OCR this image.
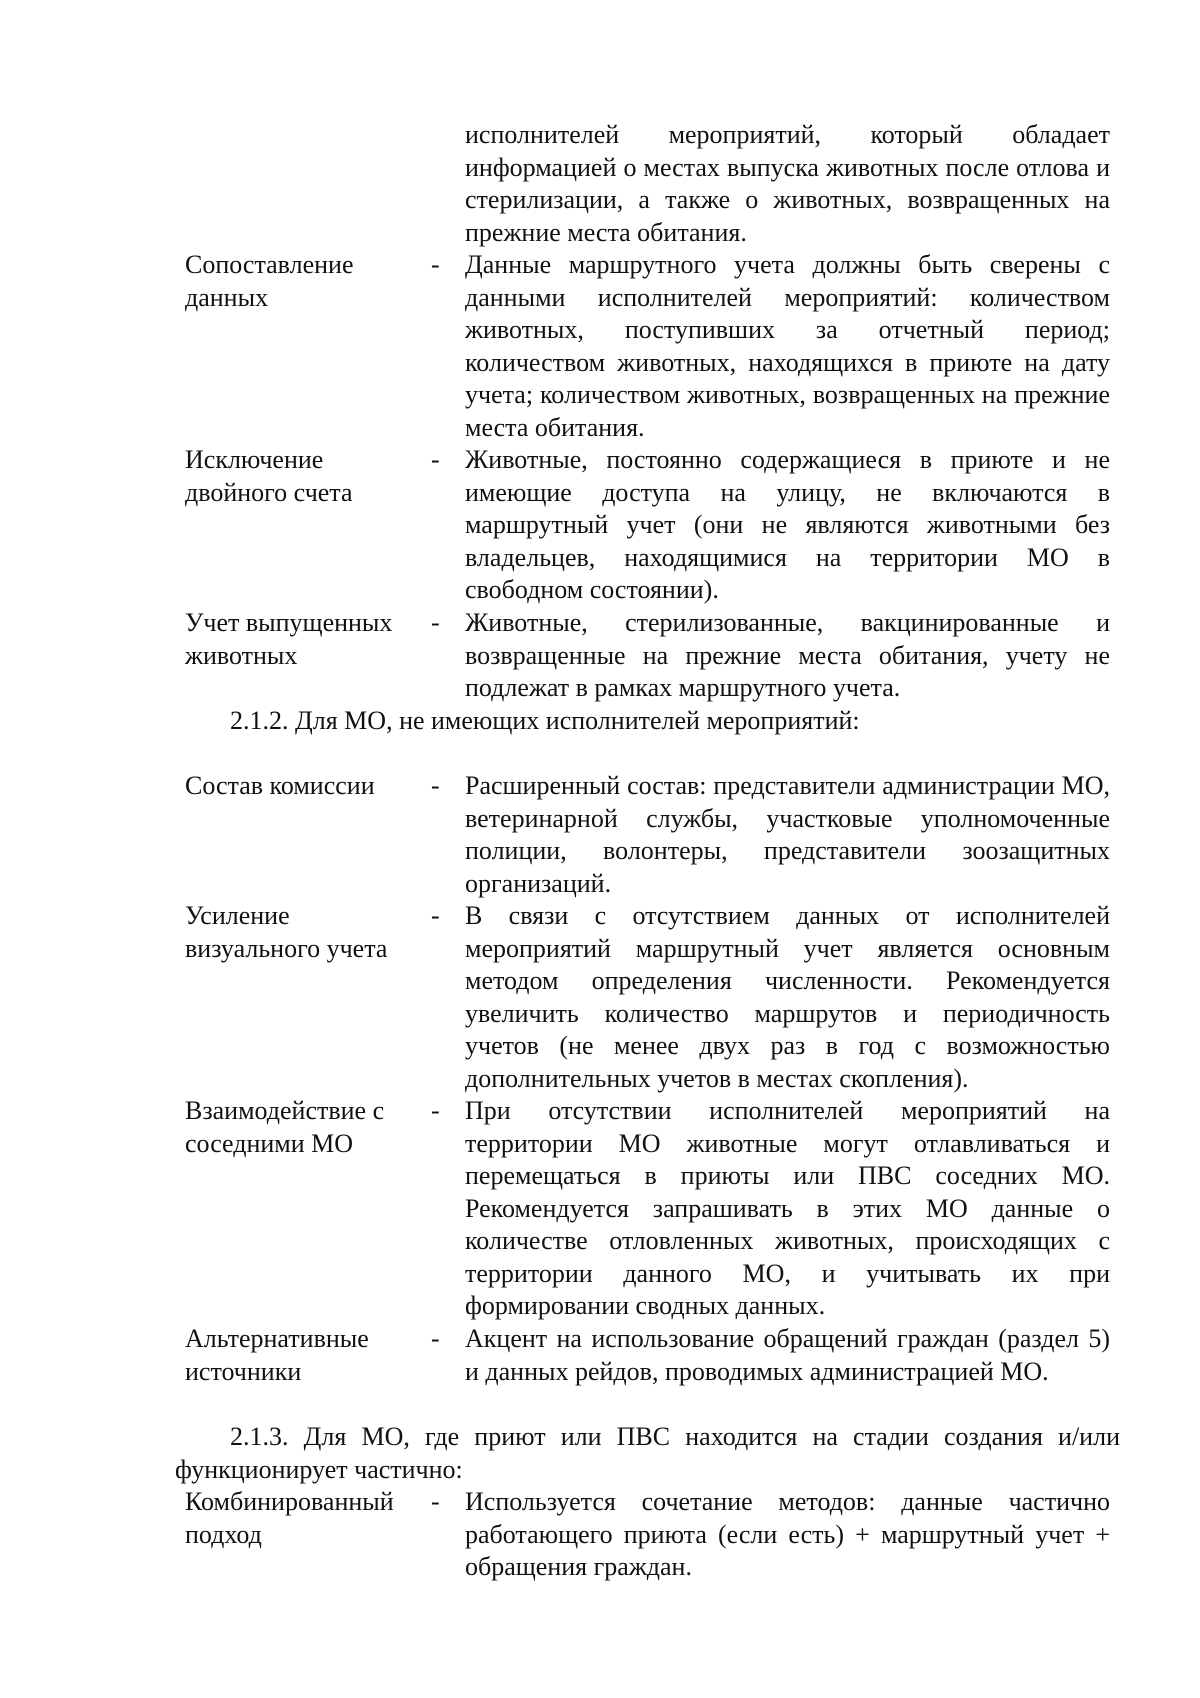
исполнителей мероприятий, который обладает информацией о местах выпуска животных после отлова и стерилизации, а также о животных, возвращенных на прежние места обитания.
Сопоставление
данных
- Данные маршрутного учета должны быть сверены с данными исполнителей мероприятий: количеством животных, поступивших за отчетный период; количеством животных, находящихся в приюте на дату учета; количеством животных, возвращенных на прежние места обитания.
Исключение
двойного счета
- Животные, постоянно содержащиеся в приюте и не имеющие доступа на улицу, не включаются в маршрутный учет (они не являются животными без владельцев, находящимися на территории МО в свободном состоянии).
Учет выпущенных
животных
- Животные, стерилизованные, вакцинированные и возвращенные на прежние места обитания, учету не подлежат в рамках маршрутного учета.
2.1.2. Для МО, не имеющих исполнителей мероприятий:
Состав комиссии	- Расширенный состав: представители администрации МО, ветеринарной службы, участковые уполномоченные полиции, волонтеры, представители зоозащитных организаций.
Усиление
визуального учета
- В связи с отсутствием данных от исполнителей мероприятий маршрутный учет является основным методом определения численности. Рекомендуется увеличить количество маршрутов и периодичность учетов (не менее двух раз в год с возможностью дополнительных учетов в местах скопления).
Взаимодействие с
соседними МО
- При отсутствии исполнителей мероприятий на территории МО животные могут отлавливаться и перемещаться в приюты или ПВС соседних МО. Рекомендуется запрашивать в этих МО данные о количестве отловленных животных, происходящих с территории данного МО, и учитывать их при формировании сводных данных.
Альтернативные
источники
- Акцент на использование обращений граждан (раздел 5) и данных рейдов, проводимых администрацией МО.
2.1.3. Для МО, где приют или ПВС находится на стадии создания и/или функционирует частично:
Комбинированный
подход
- Используется сочетание методов: данные частично работающего приюта (если есть) + маршрутный учет + обращения граждан.
